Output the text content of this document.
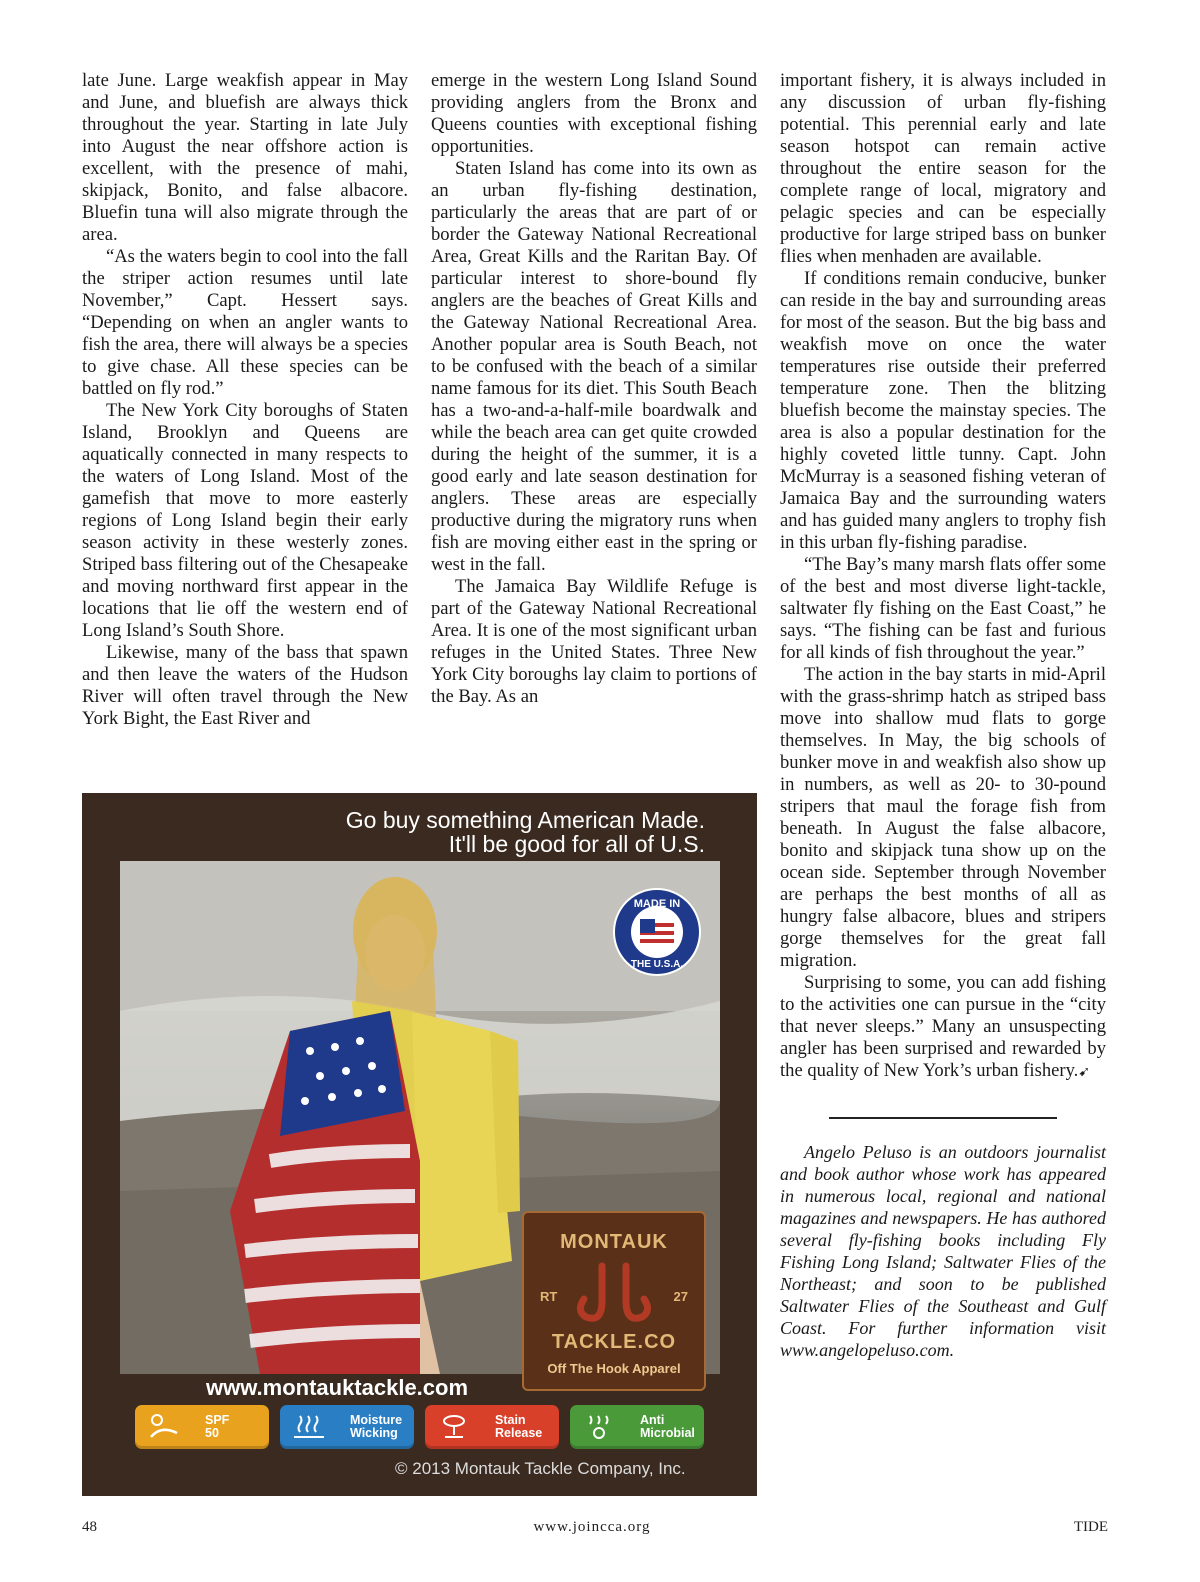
late June. Large weakfish appear in May and June, and bluefish are always thick throughout the year. Starting in late July into August the near offshore action is excellent, with the presence of mahi, skipjack, Bonito, and false albacore. Bluefin tuna will also migrate through the area.

“As the waters begin to cool into the fall the striper action resumes until late November,” Capt. Hessert says. “Depending on when an angler wants to fish the area, there will always be a species to give chase. All these species can be battled on fly rod.”

The New York City boroughs of Staten Island, Brooklyn and Queens are aquatically connected in many respects to the waters of Long Island. Most of the gamefish that move to more easterly regions of Long Island begin their early season activity in these westerly zones. Striped bass filtering out of the Chesapeake and moving northward first appear in the locations that lie off the western end of Long Island’s South Shore.

Likewise, many of the bass that spawn and then leave the waters of the Hudson River will often travel through the New York Bight, the East River and

emerge in the western Long Island Sound providing anglers from the Bronx and Queens counties with exceptional fishing opportunities.

Staten Island has come into its own as an urban fly-fishing destination, particularly the areas that are part of or border the Gateway National Recreational Area, Great Kills and the Raritan Bay. Of particular interest to shore-bound fly anglers are the beaches of Great Kills and the Gateway National Recreational Area. Another popular area is South Beach, not to be confused with the beach of a similar name famous for its diet. This South Beach has a two-and-a-half-mile boardwalk and while the beach area can get quite crowded during the height of the summer, it is a good early and late season destination for anglers. These areas are especially productive during the migratory runs when fish are moving either east in the spring or west in the fall.

The Jamaica Bay Wildlife Refuge is part of the Gateway National Recreational Area. It is one of the most significant urban refuges in the United States. Three New York City boroughs lay claim to portions of the Bay. As an

important fishery, it is always included in any discussion of urban fly-fishing potential. This perennial early and late season hotspot can remain active throughout the entire season for the complete range of local, migratory and pelagic species and can be especially productive for large striped bass on bunker flies when menhaden are available.

If conditions remain conducive, bunker can reside in the bay and surrounding areas for most of the season. But the big bass and weakfish move on once the water temperatures rise outside their preferred temperature zone. Then the blitzing bluefish become the mainstay species. The area is also a popular destination for the highly coveted little tunny. Capt. John McMurray is a seasoned fishing veteran of Jamaica Bay and the surrounding waters and has guided many anglers to trophy fish in this urban fly-fishing paradise.

“The Bay’s many marsh flats offer some of the best and most diverse light-tackle, saltwater fly fishing on the East Coast,” he says. “The fishing can be fast and furious for all kinds of fish throughout the year.”

The action in the bay starts in mid-April with the grass-shrimp hatch as striped bass move into shallow mud flats to gorge themselves. In May, the big schools of bunker move in and weakfish also show up in numbers, as well as 20- to 30-pound stripers that maul the forage fish from beneath. In August the false albacore, bonito and skipjack tuna show up on the ocean side. September through November are perhaps the best months of all as hungry false albacore, blues and stripers gorge themselves for the great fall migration.

Surprising to some, you can add fishing to the activities one can pursue in the “city that never sleeps.” Many an unsuspecting angler has been surprised and rewarded by the quality of New York’s urban fishery.➹

Angelo Peluso is an outdoors journalist and book author whose work has appeared in numerous local, regional and national magazines and newspapers. He has authored several fly-fishing books including Fly Fishing Long Island; Saltwater Flies of the Northeast; and soon to be published Saltwater Flies of the Southeast and Gulf Coast. For further information visit www.angelopeluso.com.

Go buy something American Made.
It'll be good for all of U.S.
MADE IN
THE U.S.A.
MONTAUK
RT	27
TACKLE.CO
Off The Hook Apparel
www.montauktackle.com
SPF
50
Moisture
Wicking
Stain
Release
Anti
Microbial
© 2013 Montauk Tackle Company, Inc.
48	www.joincca.org	TIDE
